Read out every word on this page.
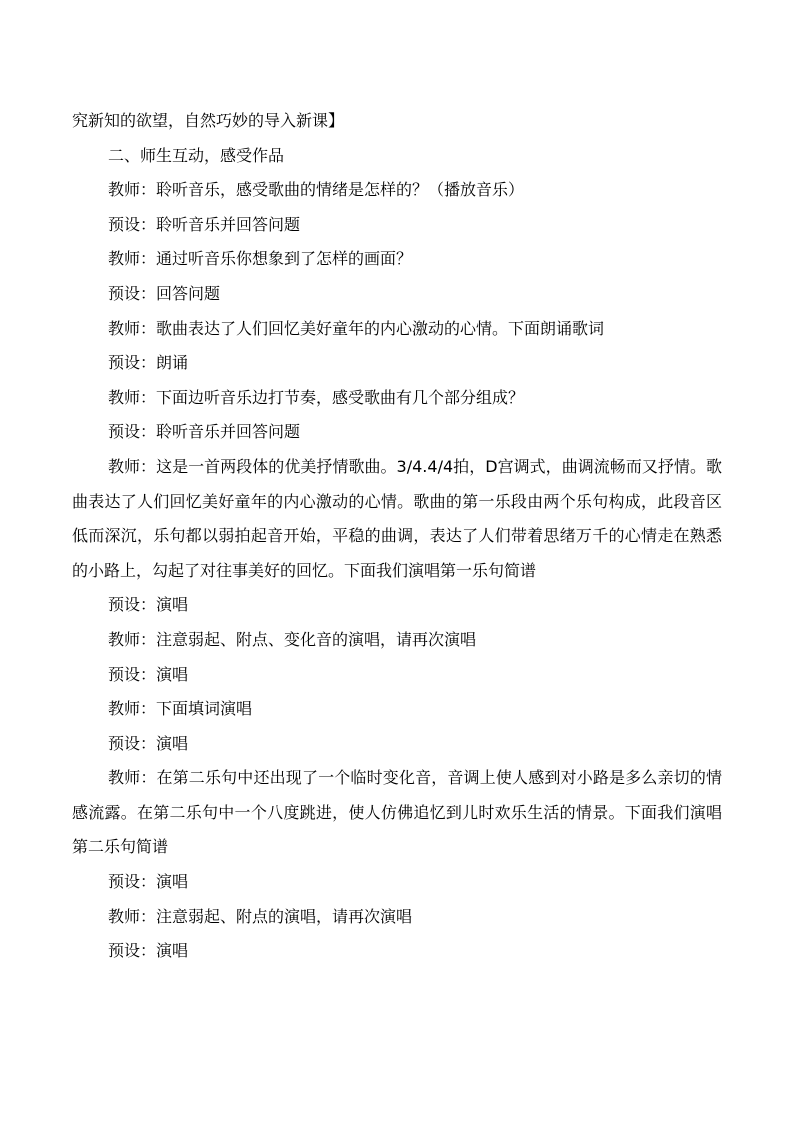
究新知的欲望，自然巧妙的导入新课】

二、师生互动，感受作品

教师：聆听音乐，感受歌曲的情绪是怎样的？（播放音乐）

预设：聆听音乐并回答问题

教师：通过听音乐你想象到了怎样的画面？

预设：回答问题

教师：歌曲表达了人们回忆美好童年的内心激动的心情。下面朗诵歌词

预设：朗诵

教师：下面边听音乐边打节奏，感受歌曲有几个部分组成？

预设：聆听音乐并回答问题

教师：这是一首两段体的优美抒情歌曲。3/4.4/4拍，D宫调式，曲调流畅而又抒情。歌曲表达了人们回忆美好童年的内心激动的心情。歌曲的第一乐段由两个乐句构成，此段音区低而深沉，乐句都以弱拍起音开始，平稳的曲调，表达了人们带着思绪万千的心情走在熟悉的小路上，勾起了对往事美好的回忆。下面我们演唱第一乐句简谱

预设：演唱

教师：注意弱起、附点、变化音的演唱，请再次演唱

预设：演唱

教师：下面填词演唱

预设：演唱

教师：在第二乐句中还出现了一个临时变化音，音调上使人感到对小路是多么亲切的情感流露。在第二乐句中一个八度跳进，使人仿佛追忆到儿时欢乐生活的情景。下面我们演唱第二乐句简谱

预设：演唱

教师：注意弱起、附点的演唱，请再次演唱

预设：演唱
